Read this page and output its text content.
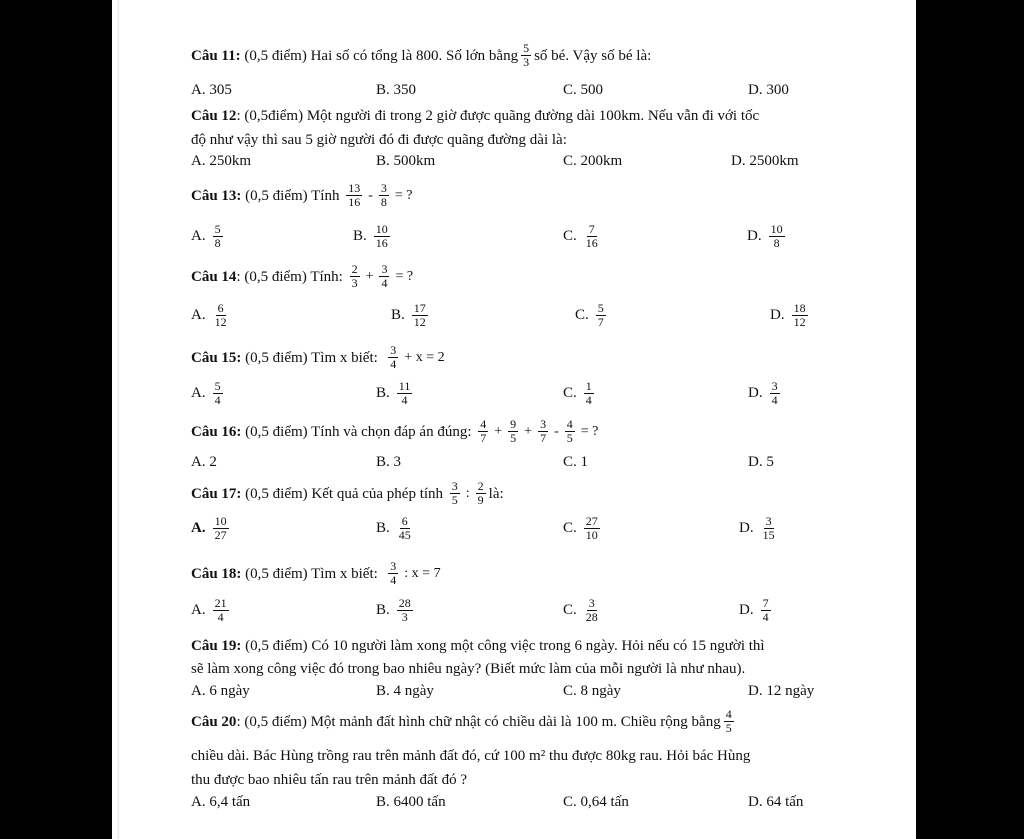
Câu 11:
(0,5 điểm) Hai số có tổng là 800. Số lớn bằng $\frac{5}{3}$ số bé. Vậy số bé là:
A. 305	B. 350	C. 500	D. 300
Câu 12: (0,5điểm) Một người đi trong 2 giờ được quãng đường dài 100km. Nếu vẫn đi với tốc
độ như vậy thì sau 5 giờ người đó đi được quãng đường dài là:
A. 250km	B. 500km	C. 200km	D. 2500km
Câu 13:
(0,5 điểm) Tính
$\frac{13}{16} - \frac{3}{8}$ = ?
A. $\frac{5}{8}$	B. $\frac{10}{16}$	C. $\frac{7}{16}$	D. $\frac{10}{8}$
Câu 14 : (0,5 điểm) Tính:
$\frac{2}{3} + \frac{3}{4}$ = ?
A. $\frac{6}{12}$	B. $\frac{17}{12}$	C. $\frac{5}{7}$	D. $\frac{18}{12}$
Câu 15:
(0,5 điểm) Tìm x biết:
$\frac{3}{4} + x = 2$
A. $\frac{5}{4}$	B. $\frac{11}{4}$	C. $\frac{1}{4}$	D. $\frac{3}{4}$
Câu 16:
(0,5 điểm) Tính và chọn đáp án đúng:
$\frac{4}{7} + \frac{9}{5} + \frac{3}{7} - \frac{4}{5}$ = ?
A. 2	B. 3	C. 1	D. 5
Câu 17:
(0,5 điểm) Kết quả của phép tính
$\frac{3}{5}$ : $\frac{2}{9}$ là:
A. $\frac{10}{27}$	B. $\frac{6}{45}$	C. $\frac{27}{10}$	D. $\frac{3}{15}$
Câu 18:
(0,5 điểm) Tìm x biết:
$\frac{3}{4}$ : x = 7
A. $\frac{21}{4}$	B. $\frac{28}{3}$	C. $\frac{3}{28}$	D. $\frac{7}{4}$
Câu 19: (0,5 điểm) Có 10 người làm xong một công việc trong 6 ngày. Hỏi nếu có 15 người thì
sẽ làm xong công việc đó trong bao nhiêu ngày? (Biết mức làm của mỗi người là như nhau).
A. 6 ngày	B. 4 ngày	C. 8 ngày	D. 12 ngày
Câu 20 : (0,5 điểm) Một mảnh đất hình chữ nhật có chiều dài là 100 m. Chiều rộng bằng $\frac{4}{5}$
chiều dài. Bác Hùng trồng rau trên mảnh đất đó, cứ 100 m² thu được 80kg rau. Hỏi bác Hùng
thu được bao nhiêu tấn rau trên mảnh đất đó ?
A. 6,4 tấn	B. 6400 tấn	C. 0,64 tấn	D. 64 tấn
